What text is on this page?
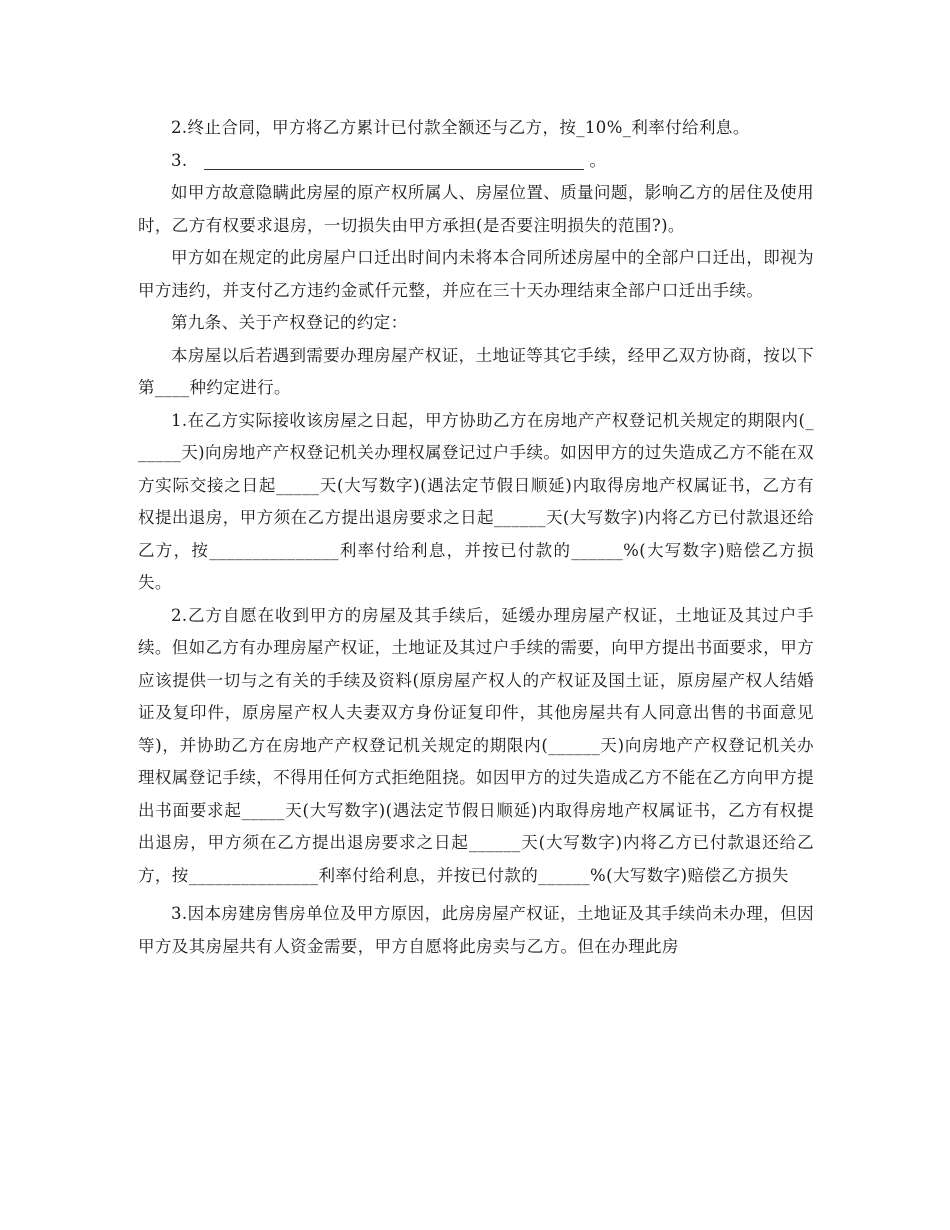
2.终止合同，甲方将乙方累计已付款全额还与乙方，按_10%_利率付给利息。

3.	。

如甲方故意隐瞒此房屋的原产权所属人、房屋位置、质量问题，影响乙方的居住及使用时，乙方有权要求退房，一切损失由甲方承担(是否要注明损失的范围?)。

甲方如在规定的此房屋户口迁出时间内未将本合同所述房屋中的全部户口迁出，即视为甲方违约，并支付乙方违约金贰仟元整，并应在三十天办理结束全部户口迁出手续。

第九条、关于产权登记的约定：

本房屋以后若遇到需要办理房屋产权证，土地证等其它手续，经甲乙双方协商，按以下第____种约定进行。

1.在乙方实际接收该房屋之日起，甲方协助乙方在房地产产权登记机关规定的期限内(______天)向房地产产权登记机关办理权属登记过户手续。如因甲方的过失造成乙方不能在双方实际交接之日起_____天(大写数字)(遇法定节假日顺延)内取得房地产权属证书，乙方有权提出退房，甲方须在乙方提出退房要求之日起______天(大写数字)内将乙方已付款退还给乙方，按_______________利率付给利息，并按已付款的______%(大写数字)赔偿乙方损失。

2.乙方自愿在收到甲方的房屋及其手续后，延缓办理房屋产权证，土地证及其过户手续。但如乙方有办理房屋产权证，土地证及其过户手续的需要，向甲方提出书面要求，甲方应该提供一切与之有关的手续及资料(原房屋产权人的产权证及国土证，原房屋产权人结婚证及复印件，原房屋产权人夫妻双方身份证复印件，其他房屋共有人同意出售的书面意见等)，并协助乙方在房地产产权登记机关规定的期限内(______天)向房地产产权登记机关办理权属登记手续，不得用任何方式拒绝阻挠。如因甲方的过失造成乙方不能在乙方向甲方提出书面要求起_____天(大写数字)(遇法定节假日顺延)内取得房地产权属证书，乙方有权提出退房，甲方须在乙方提出退房要求之日起______天(大写数字)内将乙方已付款退还给乙方，按_______________利率付给利息，并按已付款的______%(大写数字)赔偿乙方损失

3.因本房建房售房单位及甲方原因，此房房屋产权证，土地证及其手续尚未办理，但因甲方及其房屋共有人资金需要，甲方自愿将此房卖与乙方。但在办理此房
